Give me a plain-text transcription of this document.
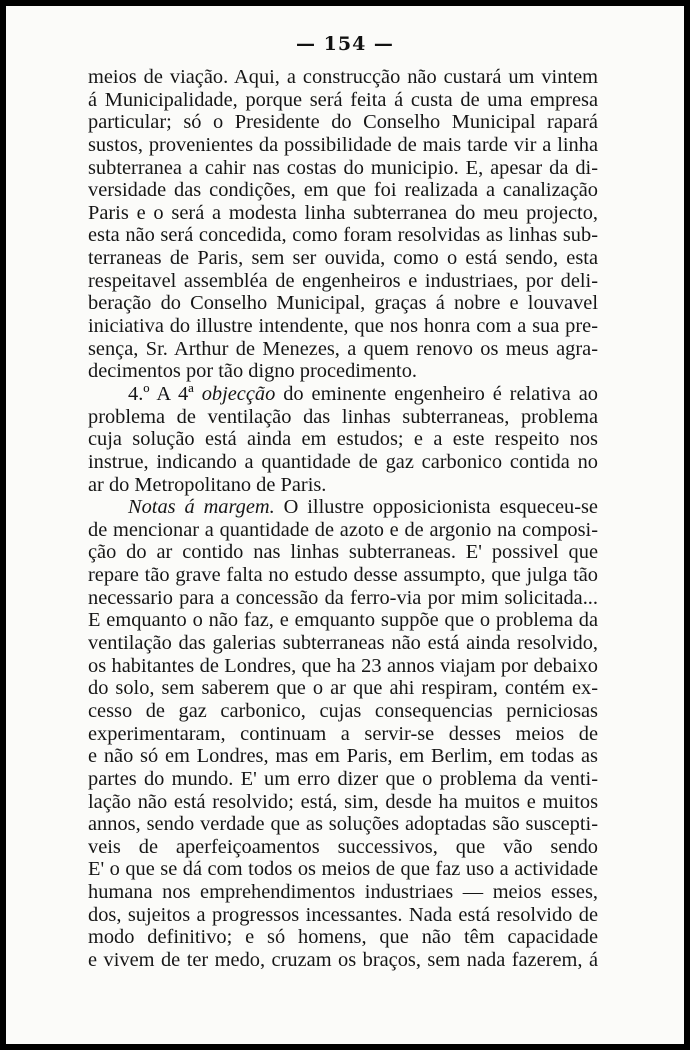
— 154 —
meios de viação. Aqui, a construcção não custará um vintem
á Municipalidade, porque será feita á custa de uma empresa
particular; só o Presidente do Conselho Municipal rapará
sustos, provenientes da possibilidade de mais tarde vir a linha
subterranea a cahir nas costas do municipio. E, apesar da di-
versidade das condições, em que foi realizada a canalização
Paris e o será a modesta linha subterranea do meu projecto,
esta não será concedida, como foram resolvidas as linhas sub-
terraneas de Paris, sem ser ouvida, como o está sendo, esta
respeitavel assembléa de engenheiros e industriaes, por deli-
beração do Conselho Municipal, graças á nobre e louvavel
iniciativa do illustre intendente, que nos honra com a sua pre-
sença, Sr. Arthur de Menezes, a quem renovo os meus agra-
decimentos por tão digno procedimento.
4.º A 4ª objecção do eminente engenheiro é relativa ao
problema de ventilação das linhas subterraneas, problema
cuja solução está ainda em estudos; e a este respeito nos
instrue, indicando a quantidade de gaz carbonico contida no
ar do Metropolitano de Paris.
Notas á margem. O illustre opposicionista esqueceu-se
de mencionar a quantidade de azoto e de argonio na composi-
ção do ar contido nas linhas subterraneas. E' possivel que
repare tão grave falta no estudo desse assumpto, que julga tão
necessario para a concessão da ferro-via por mim solicitada...
E emquanto o não faz, e emquanto suppõe que o problema da
ventilação das galerias subterraneas não está ainda resolvido,
os habitantes de Londres, que ha 23 annos viajam por debaixo
do solo, sem saberem que o ar que ahi respiram, contém ex-
cesso de gaz carbonico, cujas consequencias perniciosas
experimentaram, continuam a servir-se desses meios de
e não só em Londres, mas em Paris, em Berlim, em todas as
partes do mundo. E' um erro dizer que o problema da venti-
lação não está resolvido; está, sim, desde ha muitos e muitos
annos, sendo verdade que as soluções adoptadas são suscepti-
veis de aperfeiçoamentos successivos, que vão sendo
E' o que se dá com todos os meios de que faz uso a actividade
humana nos emprehendimentos industriaes — meios esses,
dos, sujeitos a progressos incessantes. Nada está resolvido de
modo definitivo; e só homens, que não têm capacidade
e vivem de ter medo, cruzam os braços, sem nada fazerem, á
